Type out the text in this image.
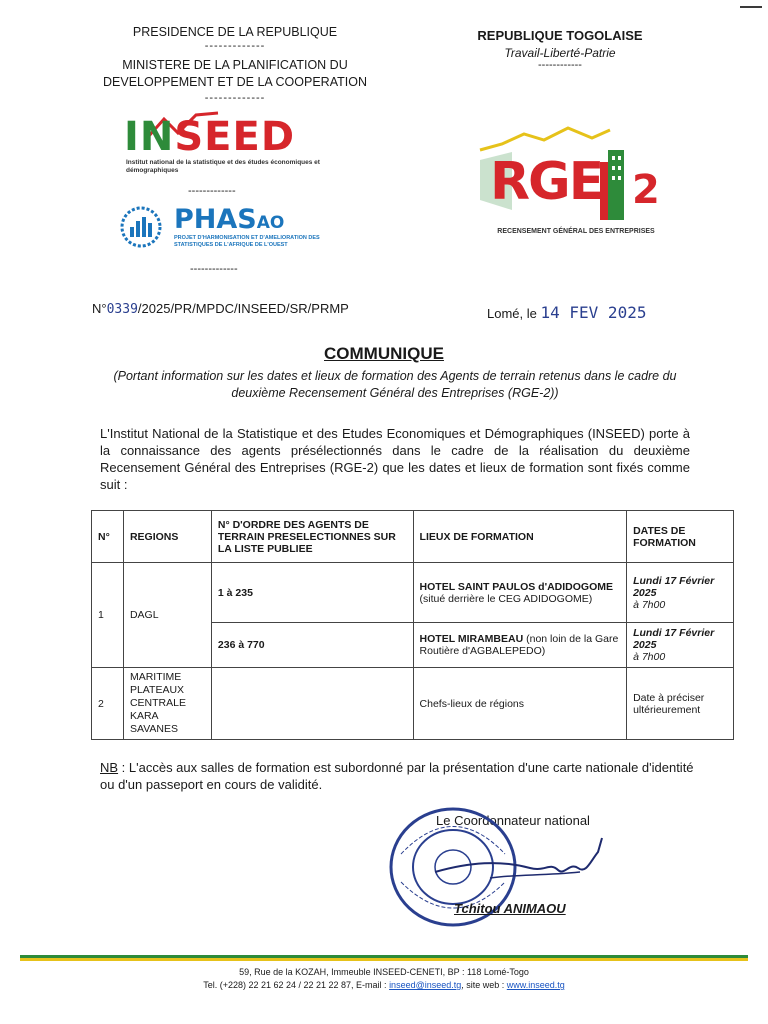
PRESIDENCE DE LA REPUBLIQUE
-------------
MINISTERE DE LA PLANIFICATION DU
DEVELOPPEMENT ET DE LA COOPERATION
-------------
REPUBLIQUE TOGOLAISE
Travail-Liberté-Patrie
------------
INSEED
Institut national de la statistique et des études économiques et démographiques
-------------
PHASAO
PROJET D'HARMONISATION ET D'AMELIORATION DES STATISTIQUES DE L'AFRIQUE DE L'OUEST
-------------
RGE 2
RECENSEMENT GÉNÉRAL DES ENTREPRISES
N°0339/2025/PR/MPDC/INSEED/SR/PRMP	Lomé, le 14 FEV 2025
COMMUNIQUE
(Portant information sur les dates et lieux de formation des Agents de terrain retenus dans le cadre du deuxième Recensement Général des Entreprises (RGE-2))
L'Institut National de la Statistique et des Etudes Economiques et Démographiques (INSEED) porte à la connaissance des agents présélectionnés dans le cadre de la réalisation du deuxième Recensement Général des Entreprises (RGE-2) que les dates et lieux de formation sont fixés comme suit :
N°	REGIONS	N° D'ORDRE DES AGENTS DE TERRAIN PRESELECTIONNES SUR LA LISTE PUBLIEE	LIEUX DE FORMATION	DATES DE FORMATION
1	DAGL	1 à 235	HOTEL SAINT PAULOS d'ADIDOGOME (situé derrière le CEG ADIDOGOME)	Lundi 17 Février 2025
à 7h00
		236 à 770	HOTEL MIRAMBEAU (non loin de la Gare Routière d'AGBALEPEDO)	Lundi 17 Février 2025
à 7h00
2	MARITIME
PLATEAUX
CENTRALE
KARA
SAVANES		Chefs-lieux de régions	Date à préciser ultérieurement
NB : L'accès aux salles de formation est subordonné par la présentation d'une carte nationale d'identité ou d'un passeport en cours de validité.
Le Coordonnateur national
Tchitou ANIMAOU
59, Rue de la KOZAH, Immeuble INSEED-CENETI, BP : 118 Lomé-Togo
Tel. (+228) 22 21 62 24 / 22 21 22 87, E-mail : inseed@inseed.tg, site web : www.inseed.tg
